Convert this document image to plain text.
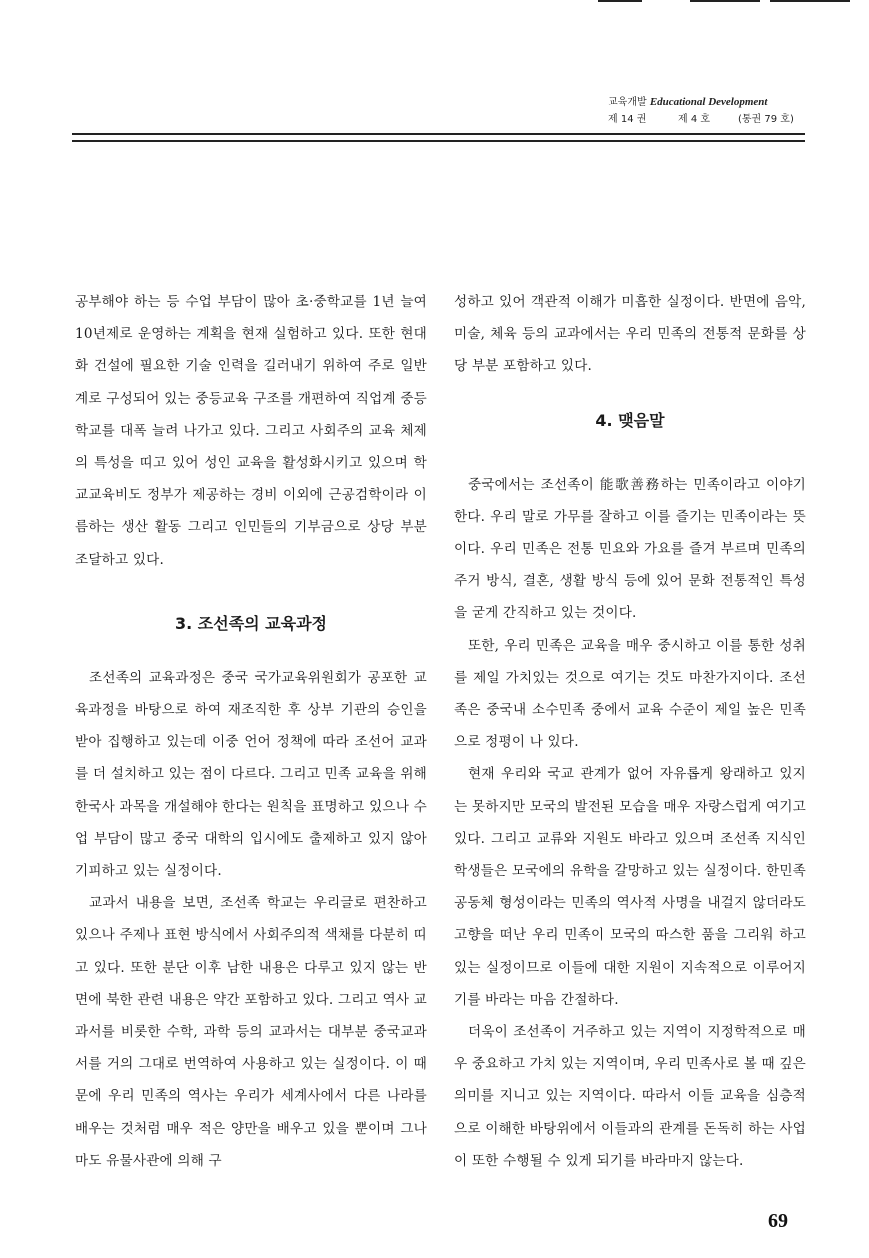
교육개발 Educational Development
제 14 권	제 4 호	(통권 79 호)

공부해야 하는 등 수업 부담이 많아 초·중학교를 1년 늘여 10년제로 운영하는 계획을 현재 실험하고 있다. 또한 현대화 건설에 필요한 기술 인력을 길러내기 위하여 주로 일반계로 구성되어 있는 중등교육 구조를 개편하여 직업계 중등학교를 대폭 늘려 나가고 있다. 그리고 사회주의 교육 체제의 특성을 띠고 있어 성인 교육을 활성화시키고 있으며 학교교육비도 정부가 제공하는 경비 이외에 근공검학이라 이름하는 생산 활동 그리고 인민들의 기부금으로 상당 부분 조달하고 있다.

3. 조선족의 교육과정

조선족의 교육과정은 중국 국가교육위원회가 공포한 교육과정을 바탕으로 하여 재조직한 후 상부 기관의 승인을 받아 집행하고 있는데 이중 언어 정책에 따라 조선어 교과를 더 설치하고 있는 점이 다르다. 그리고 민족 교육을 위해 한국사 과목을 개설해야 한다는 원칙을 표명하고 있으나 수업 부담이 많고 중국 대학의 입시에도 출제하고 있지 않아 기피하고 있는 실정이다.

교과서 내용을 보면, 조선족 학교는 우리글로 편찬하고 있으나 주제나 표현 방식에서 사회주의적 색채를 다분히 띠고 있다. 또한 분단 이후 남한 내용은 다루고 있지 않는 반면에 북한 관련 내용은 약간 포함하고 있다. 그리고 역사 교과서를 비롯한 수학, 과학 등의 교과서는 대부분 중국교과서를 거의 그대로 번역하여 사용하고 있는 실정이다. 이 때문에 우리 민족의 역사는 우리가 세계사에서 다른 나라를 배우는 것처럼 매우 적은 양만을 배우고 있을 뿐이며 그나마도 유물사관에 의해 구

성하고 있어 객관적 이해가 미흡한 실정이다. 반면에 음악, 미술, 체육 등의 교과에서는 우리 민족의 전통적 문화를 상당 부분 포함하고 있다.

4. 맺음말

중국에서는 조선족이 能歌善務하는 민족이라고 이야기 한다. 우리 말로 가무를 잘하고 이를 즐기는 민족이라는 뜻이다. 우리 민족은 전통 민요와 가요를 즐겨 부르며 민족의 주거 방식, 결혼, 생활 방식 등에 있어 문화 전통적인 특성을 굳게 간직하고 있는 것이다.

또한, 우리 민족은 교육을 매우 중시하고 이를 통한 성취를 제일 가치있는 것으로 여기는 것도 마찬가지이다. 조선족은 중국내 소수민족 중에서 교육 수준이 제일 높은 민족으로 정평이 나 있다.

현재 우리와 국교 관계가 없어 자유롭게 왕래하고 있지는 못하지만 모국의 발전된 모습을 매우 자랑스럽게 여기고 있다. 그리고 교류와 지원도 바라고 있으며 조선족 지식인 학생들은 모국에의 유학을 갈망하고 있는 실정이다. 한민족 공동체 형성이라는 민족의 역사적 사명을 내걸지 않더라도 고향을 떠난 우리 민족이 모국의 따스한 품을 그리워 하고 있는 실정이므로 이들에 대한 지원이 지속적으로 이루어지기를 바라는 마음 간절하다.

더욱이 조선족이 거주하고 있는 지역이 지정학적으로 매우 중요하고 가치 있는 지역이며, 우리 민족사로 볼 때 깊은 의미를 지니고 있는 지역이다. 따라서 이들 교육을 심층적으로 이해한 바탕위에서 이들과의 관계를 돈독히 하는 사업이 또한 수행될 수 있게 되기를 바라마지 않는다.

69
